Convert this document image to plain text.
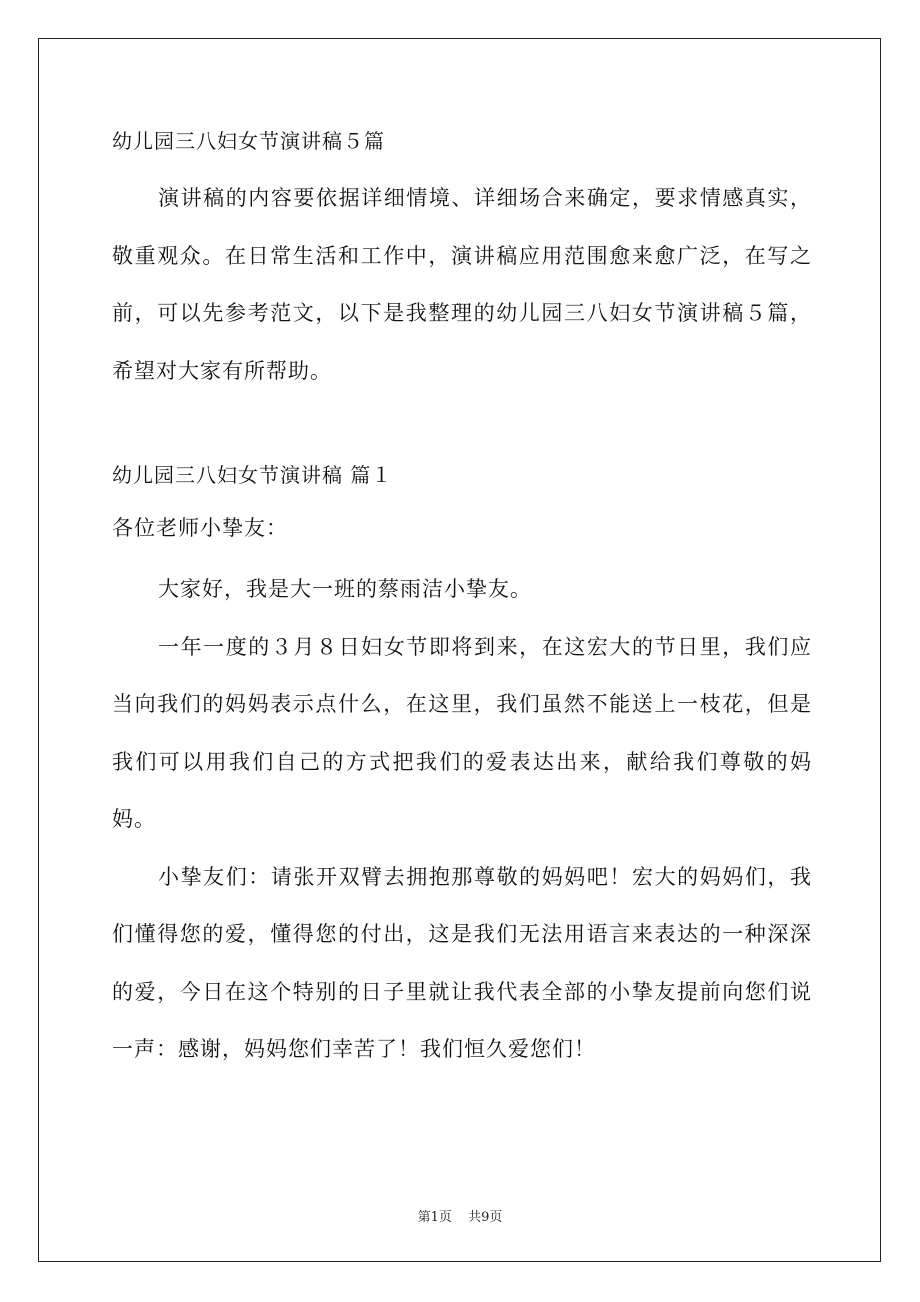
幼儿园三八妇女节演讲稿５篇

演讲稿的内容要依据详细情境、详细场合来确定，要求情感真实，敬重观众。在日常生活和工作中，演讲稿应用范围愈来愈广泛，在写之前，可以先参考范文，以下是我整理的幼儿园三八妇女节演讲稿５篇，希望对大家有所帮助。

幼儿园三八妇女节演讲稿 篇１

各位老师小挚友：

大家好，我是大一班的蔡雨洁小挚友。

一年一度的３月８日妇女节即将到来，在这宏大的节日里，我们应当向我们的妈妈表示点什么，在这里，我们虽然不能送上一枝花，但是我们可以用我们自己的方式把我们的爱表达出来，献给我们尊敬的妈妈。

小挚友们：请张开双臂去拥抱那尊敬的妈妈吧！宏大的妈妈们，我们懂得您的爱，懂得您的付出，这是我们无法用语言来表达的一种深深的爱，今日在这个特别的日子里就让我代表全部的小挚友提前向您们说一声：感谢，妈妈您们幸苦了！我们恒久爱您们！

第1页 共9页
